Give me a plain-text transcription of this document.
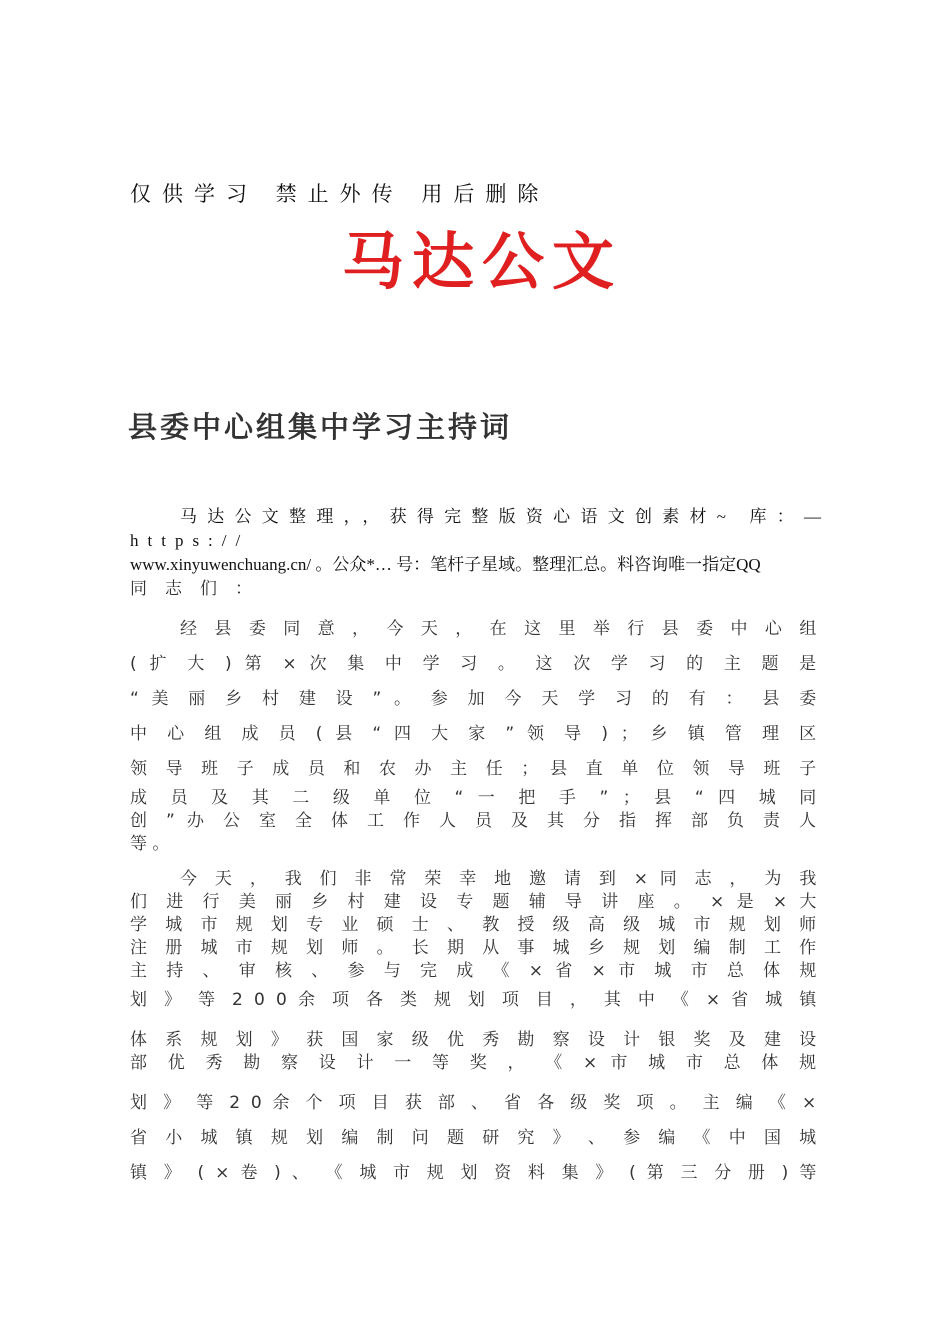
仅供学习 禁止外传 用后删除
马达公文
县委中心组集中学习主持词
马达公文整理，，获得完整版资心语文创素材~ 库：— https://
www.xinyuwenchuang.cn/ 。公众*… 号：笔杆子星域。整理汇总。料咨询唯一指定QQ
同志们：
经 县 委 同 意 ， 今 天 ， 在 这 里 举 行 县 委 中 心 组
( 扩 大 ) 第 × 次 集 中 学 习 。 这 次 学 习 的 主 题 是
“ 美 丽 乡 村 建 设 ” 。 参 加 今 天 学 习 的 有 ： 县 委
中 心 组 成 员 ( 县 “ 四 大 家 ” 领 导 ) ； 乡 镇 管 理 区
领 导 班 子 成 员 和 农 办 主 任 ； 县 直 单 位 领 导 班 子
成 员 及 其 二 级 单 位 “ 一 把 手 ” ； 县 “ 四 城 同
创 ” 办 公 室 全 体 工 作 人 员 及 其 分 指 挥 部 负 责 人
等 。
今 天 ， 我 们 非 常 荣 幸 地 邀 请 到 × 同 志 ， 为 我
们 进 行 美 丽 乡 村 建 设 专 题 辅 导 讲 座 。 × 是 × 大
学 城 市 规 划 专 业 硕 士 、 教 授 级 高 级 城 市 规 划 师
注 册 城 市 规 划 师 。 长 期 从 事 城 乡 规 划 编 制 工 作
主 持 、 审 核 、 参 与 完 成 《 × 省 × 市 城 市 总 体 规
划 》 等 2 0 0 余 项 各 类 规 划 项 目 ， 其 中 《 × 省 城 镇
体 系 规 划 》 获 国 家 级 优 秀 勘 察 设 计 银 奖 及 建 设
部 优 秀 勘 察 设 计 一 等 奖 ， 《 × 市 城 市 总 体 规
划 》 等 2 0 余 个 项 目 获 部 、 省 各 级 奖 项 。 主 编 《 ×
省 小 城 镇 规 划 编 制 问 题 研 究 》 、 参 编 《 中 国 城
镇 》 ( × 卷 ) 、 《 城 市 规 划 资 料 集 》 ( 第 三 分 册 ) 等
